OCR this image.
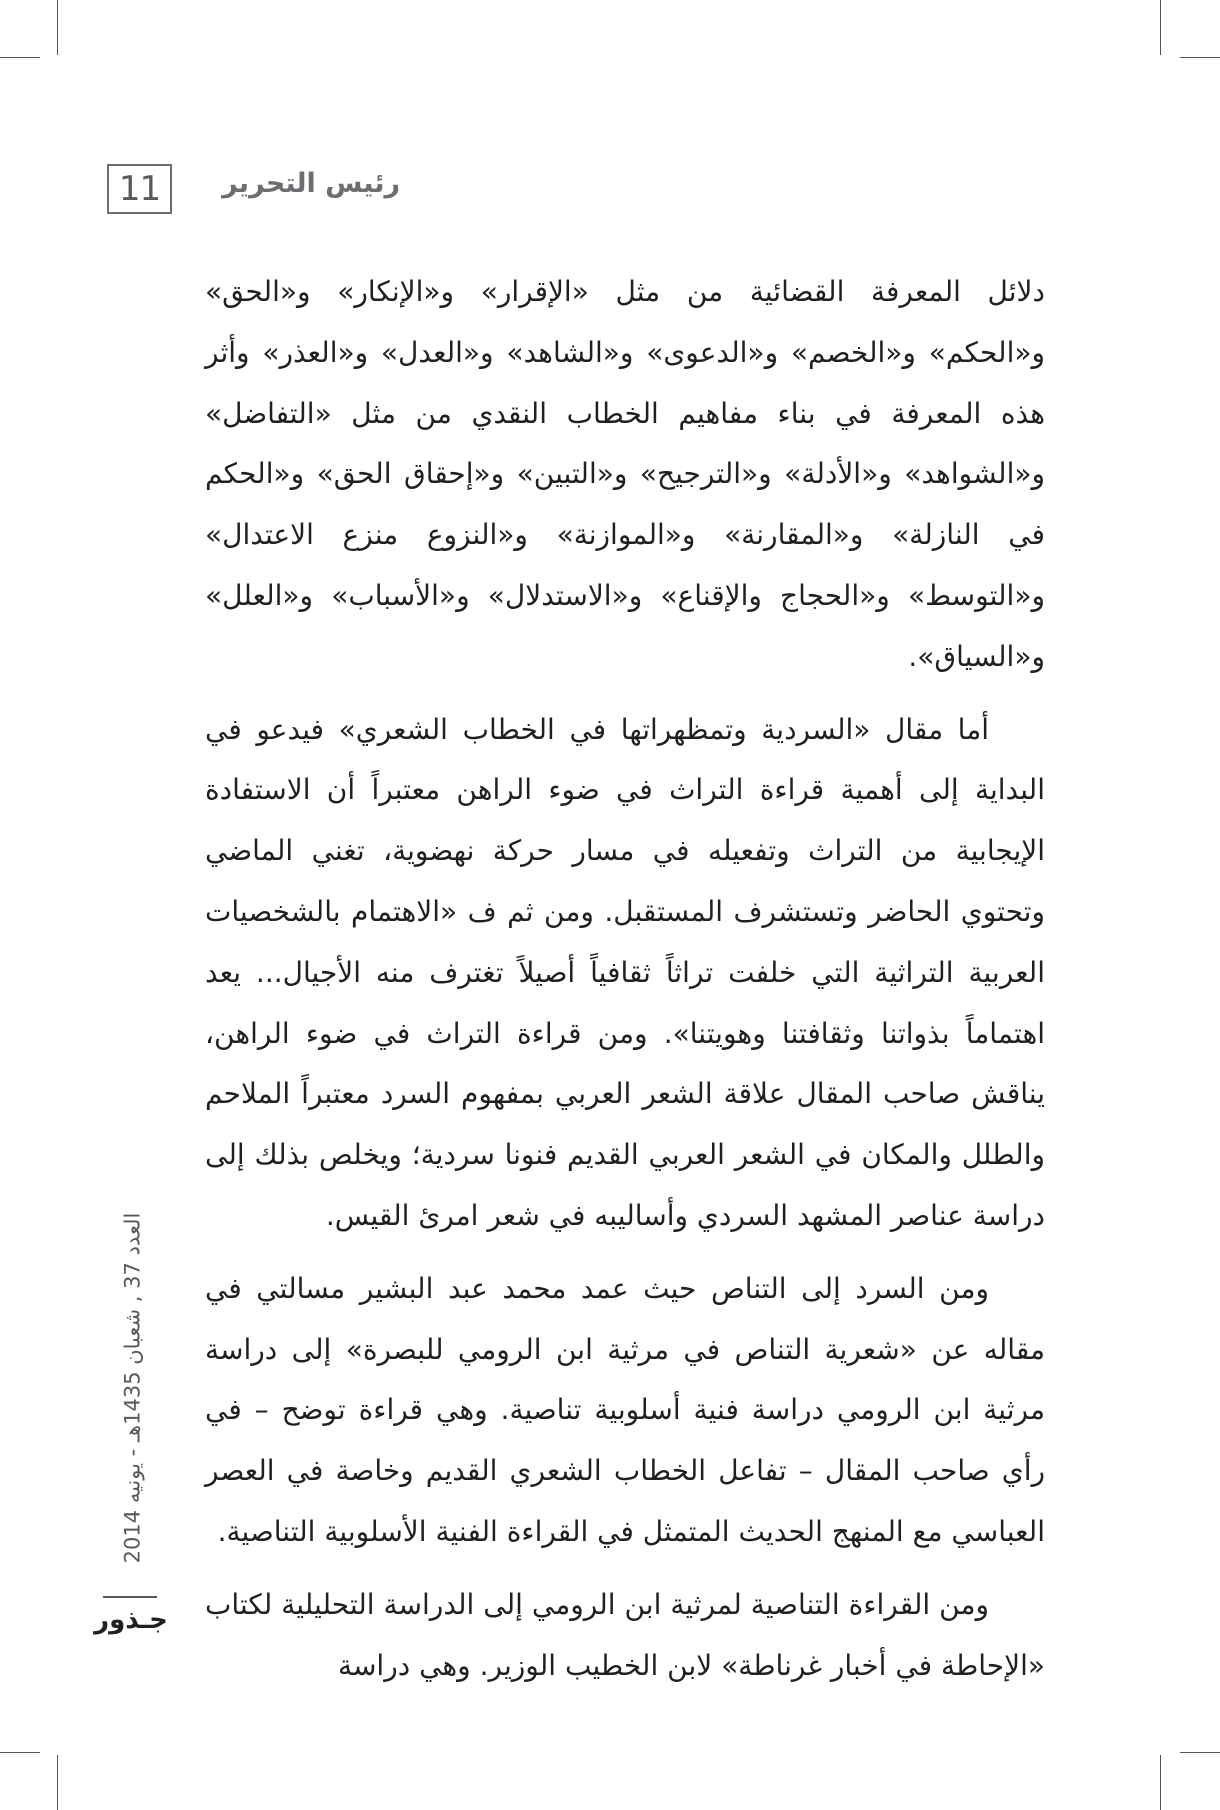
11	رئيس التحرير

دلائل المعرفة القضائية من مثل «الإقرار» و«الإنكار» و«الحق» و«الحكم» و«الخصم» و«الدعوى» و«الشاهد» و«العدل» و«العذر» وأثر هذه المعرفة في بناء مفاهيم الخطاب النقدي من مثل «التفاضل» و«الشواهد» و«الأدلة» و«الترجيح» و«التبين» و«إحقاق الحق» و«الحكم في النازلة» و«المقارنة» و«الموازنة» و«النزوع منزع الاعتدال» و«التوسط» و«الحجاج والإقناع» و«الاستدلال» و«الأسباب» و«العلل» و«السياق».

أما مقال «السردية وتمظهراتها في الخطاب الشعري» فيدعو في البداية إلى أهمية قراءة التراث في ضوء الراهن معتبراً أن الاستفادة الإيجابية من التراث وتفعيله في مسار حركة نهضوية، تغني الماضي وتحتوي الحاضر وتستشرف المستقبل. ومن ثم ف «الاهتمام بالشخصيات العربية التراثية التي خلفت تراثاً ثقافياً أصيلاً تغترف منه الأجيال... يعد اهتماماً بذواتنا وثقافتنا وهويتنا». ومن قراءة التراث في ضوء الراهن، يناقش صاحب المقال علاقة الشعر العربي بمفهوم السرد معتبراً الملاحم والطلل والمكان في الشعر العربي القديم فنونا سردية؛ ويخلص بذلك إلى دراسة عناصر المشهد السردي وأساليبه في شعر امرئ القيس.

ومن السرد إلى التناص حيث عمد محمد عبد البشير مسالتي في مقاله عن «شعرية التناص في مرثية ابن الرومي للبصرة» إلى دراسة مرثية ابن الرومي دراسة فنية أسلوبية تناصية. وهي قراءة توضح – في رأي صاحب المقال – تفاعل الخطاب الشعري القديم وخاصة في العصر العباسي مع المنهج الحديث المتمثل في القراءة الفنية الأسلوبية التناصية.

ومن القراءة التناصية لمرثية ابن الرومي إلى الدراسة التحليلية لكتاب «الإحاطة في أخبار غرناطة» لابن الخطيب الوزير. وهي دراسة

العدد 37 , شعبان 1435هـ - يونيه 2014
جـذور
